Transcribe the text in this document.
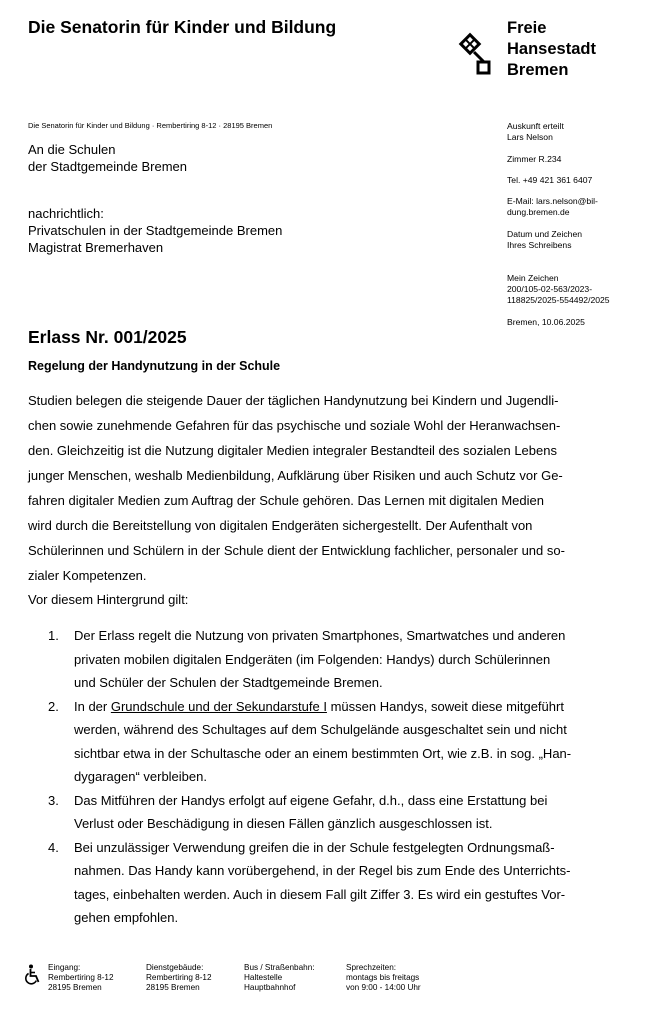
Die Senatorin für Kinder und Bildung	Freie
Hansestadt
Bremen
Die Senatorin für Kinder und Bildung · Rembertiring 8-12 · 28195 Bremen
An die Schulen
der Stadtgemeinde Bremen
nachrichtlich:
Privatschulen in der Stadtgemeinde Bremen
Magistrat Bremerhaven
Auskunft erteilt
Lars Nelson
Zimmer R.234
Tel. +49 421 361 6407
E-Mail: lars.nelson@bil-
dung.bremen.de
Datum und Zeichen
Ihres Schreibens
Mein Zeichen
200/105-02-563/2023-
118825/2025-554492/2025
Bremen, 10.06.2025
Erlass Nr. 001/2025
Regelung der Handynutzung in der Schule
Studien belegen die steigende Dauer der täglichen Handynutzung bei Kindern und Jugendli-
chen sowie zunehmende Gefahren für das psychische und soziale Wohl der Heranwachsen-
den. Gleichzeitig ist die Nutzung digitaler Medien integraler Bestandteil des sozialen Lebens
junger Menschen, weshalb Medienbildung, Aufklärung über Risiken und auch Schutz vor Ge-
fahren digitaler Medien zum Auftrag der Schule gehören. Das Lernen mit digitalen Medien
wird durch die Bereitstellung von digitalen Endgeräten sichergestellt. Der Aufenthalt von
Schülerinnen und Schülern in der Schule dient der Entwicklung fachlicher, personaler und so-
zialer Kompetenzen.
Vor diesem Hintergrund gilt:
1. Der Erlass regelt die Nutzung von privaten Smartphones, Smartwatches und anderen
privaten mobilen digitalen Endgeräten (im Folgenden: Handys) durch Schülerinnen
und Schüler der Schulen der Stadtgemeinde Bremen.
2. In der Grundschule und der Sekundarstufe I müssen Handys, soweit diese mitgeführt
werden, während des Schultages auf dem Schulgelände ausgeschaltet sein und nicht
sichtbar etwa in der Schultasche oder an einem bestimmten Ort, wie z.B. in sog. „Han-
dygaragen“ verbleiben.
3. Das Mitführen der Handys erfolgt auf eigene Gefahr, d.h., dass eine Erstattung bei
Verlust oder Beschädigung in diesen Fällen gänzlich ausgeschlossen ist.
4. Bei unzulässiger Verwendung greifen die in der Schule festgelegten Ordnungsmaß-
nahmen. Das Handy kann vorübergehend, in der Regel bis zum Ende des Unterrichts-
tages, einbehalten werden. Auch in diesem Fall gilt Ziffer 3. Es wird ein gestuftes Vor-
gehen empfohlen.
Eingang:
Rembertiring 8-12
28195 Bremen
Dienstgebäude:
Rembertiring 8-12
28195 Bremen
Bus / Straßenbahn:
Haltestelle
Hauptbahnhof
Sprechzeiten:
montags bis freitags
von 9:00 - 14:00 Uhr
